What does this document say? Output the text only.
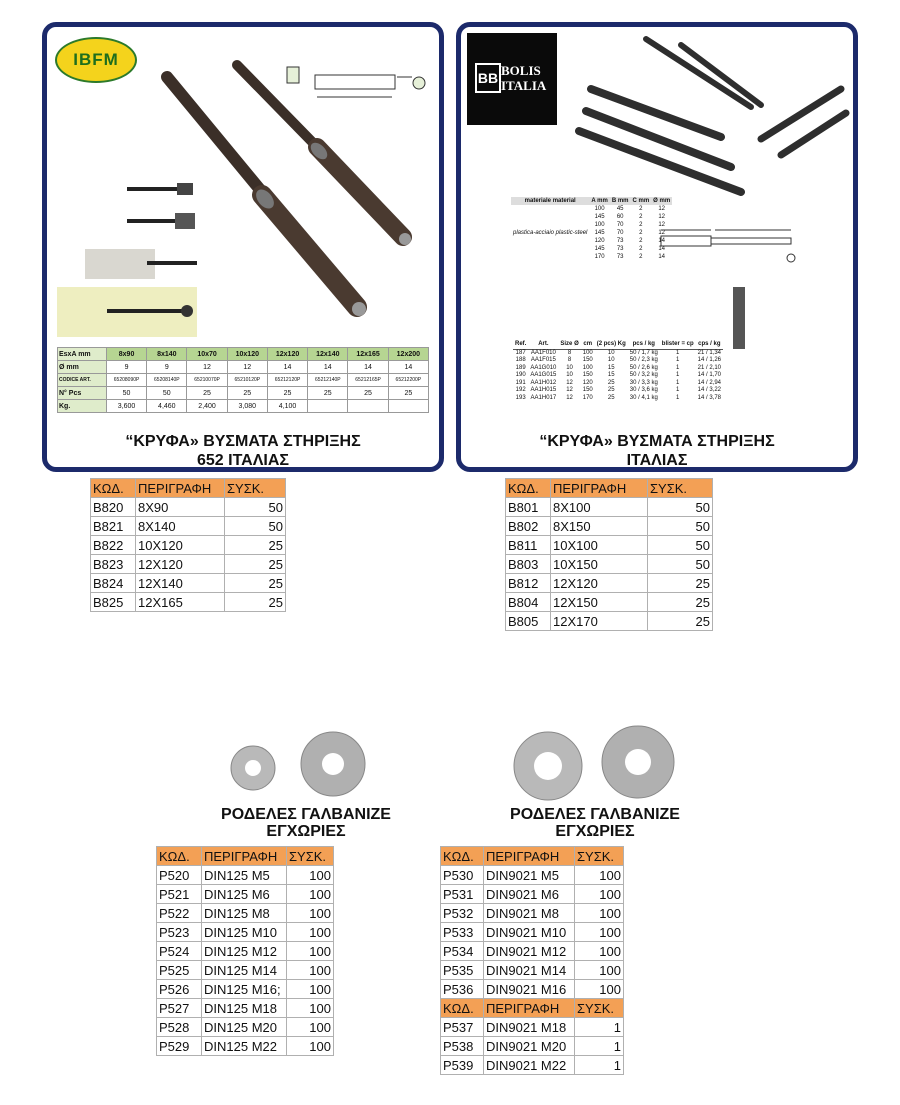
IBFM
EsxA mm	8x90	8x140	10x70	10x120	12x120	12x140	12x165	12x200
Ø mm	9	9	12	12	14	14	14	14
CODICE ART.	65208090P	65208140P	65210070P	65210120P	65212120P	65212140P	65212165P	65212200P
N° Pcs	50	50	25	25	25	25	25	25
Kg.	3,600	4,460	2,400	3,080	4,100			
“ΚΡΥΦΑ» ΒΥΣΜΑΤΑ ΣΤΗΡΙΞΗΣ
652 ΙΤΑΛΙΑΣ
BB BOLIS
ITALIA
materiale material	A mm	B mm	C mm	Ø mm
	100	45	2	12
	145	60	2	12
	100	70	2	12
plastica-acciaio plastic-steel	145	70	2	12
	120	73	2	14
	145	73	2	14
	170	73	2	14
Ref.	Art.	Size Ø	cm	(2 pcs) Kg	pcs / kg	blister = cp	cps / kg
187	AA1F010	8	100	10	50 / 1,7 kg	1	21 / 1,34
188	AA1F015	8	150	10	50 / 2,3 kg	1	14 / 1,26
189	AA1G010	10	100	15	50 / 2,6 kg	1	21 / 2,10
190	AA1G015	10	150	15	50 / 3,2 kg	1	14 / 1,70
191	AA1H012	12	120	25	30 / 3,3 kg	1	14 / 2,94
192	AA1H015	12	150	25	30 / 3,6 kg	1	14 / 3,22
193	AA1H017	12	170	25	30 / 4,1 kg	1	14 / 3,78
“ΚΡΥΦΑ» ΒΥΣΜΑΤΑ ΣΤΗΡΙΞΗΣ
ΙΤΑΛΙΑΣ
ΚΩΔ.	ΠΕΡΙΓΡΑΦΗ	ΣΥΣΚ.
B820	8X90	50
B821	8X140	50
B822	10X120	25
B823	12X120	25
B824	12X140	25
B825	12X165	25
ΚΩΔ.	ΠΕΡΙΓΡΑΦΗ	ΣΥΣΚ.
B801	8X100	50
B802	8X150	50
B811	10X100	50
B803	10X150	50
B812	12X120	25
B804	12X150	25
B805	12X170	25
ΡΟΔΕΛΕΣ ΓΑΛΒΑΝΙΖΕ
ΕΓΧΩΡΙΕΣ
ΡΟΔΕΛΕΣ ΓΑΛΒΑΝΙΖΕ
ΕΓΧΩΡΙΕΣ
ΚΩΔ.	ΠΕΡΙΓΡΑΦΗ	ΣΥΣΚ.
P520	DIN125 M5	100
P521	DIN125 M6	100
P522	DIN125 M8	100
P523	DIN125 M10	100
P524	DIN125 M12	100
P525	DIN125 M14	100
P526	DIN125 M16;	100
P527	DIN125 M18	100
P528	DIN125 M20	100
P529	DIN125 M22	100
ΚΩΔ.	ΠΕΡΙΓΡΑΦΗ	ΣΥΣΚ.
P530	DIN9021 M5	100
P531	DIN9021 M6	100
P532	DIN9021 M8	100
P533	DIN9021 M10	100
P534	DIN9021 M12	100
P535	DIN9021 M14	100
P536	DIN9021 M16	100
ΚΩΔ.	ΠΕΡΙΓΡΑΦΗ	ΣΥΣΚ.
P537	DIN9021 M18	1
P538	DIN9021 M20	1
P539	DIN9021 M22	1
